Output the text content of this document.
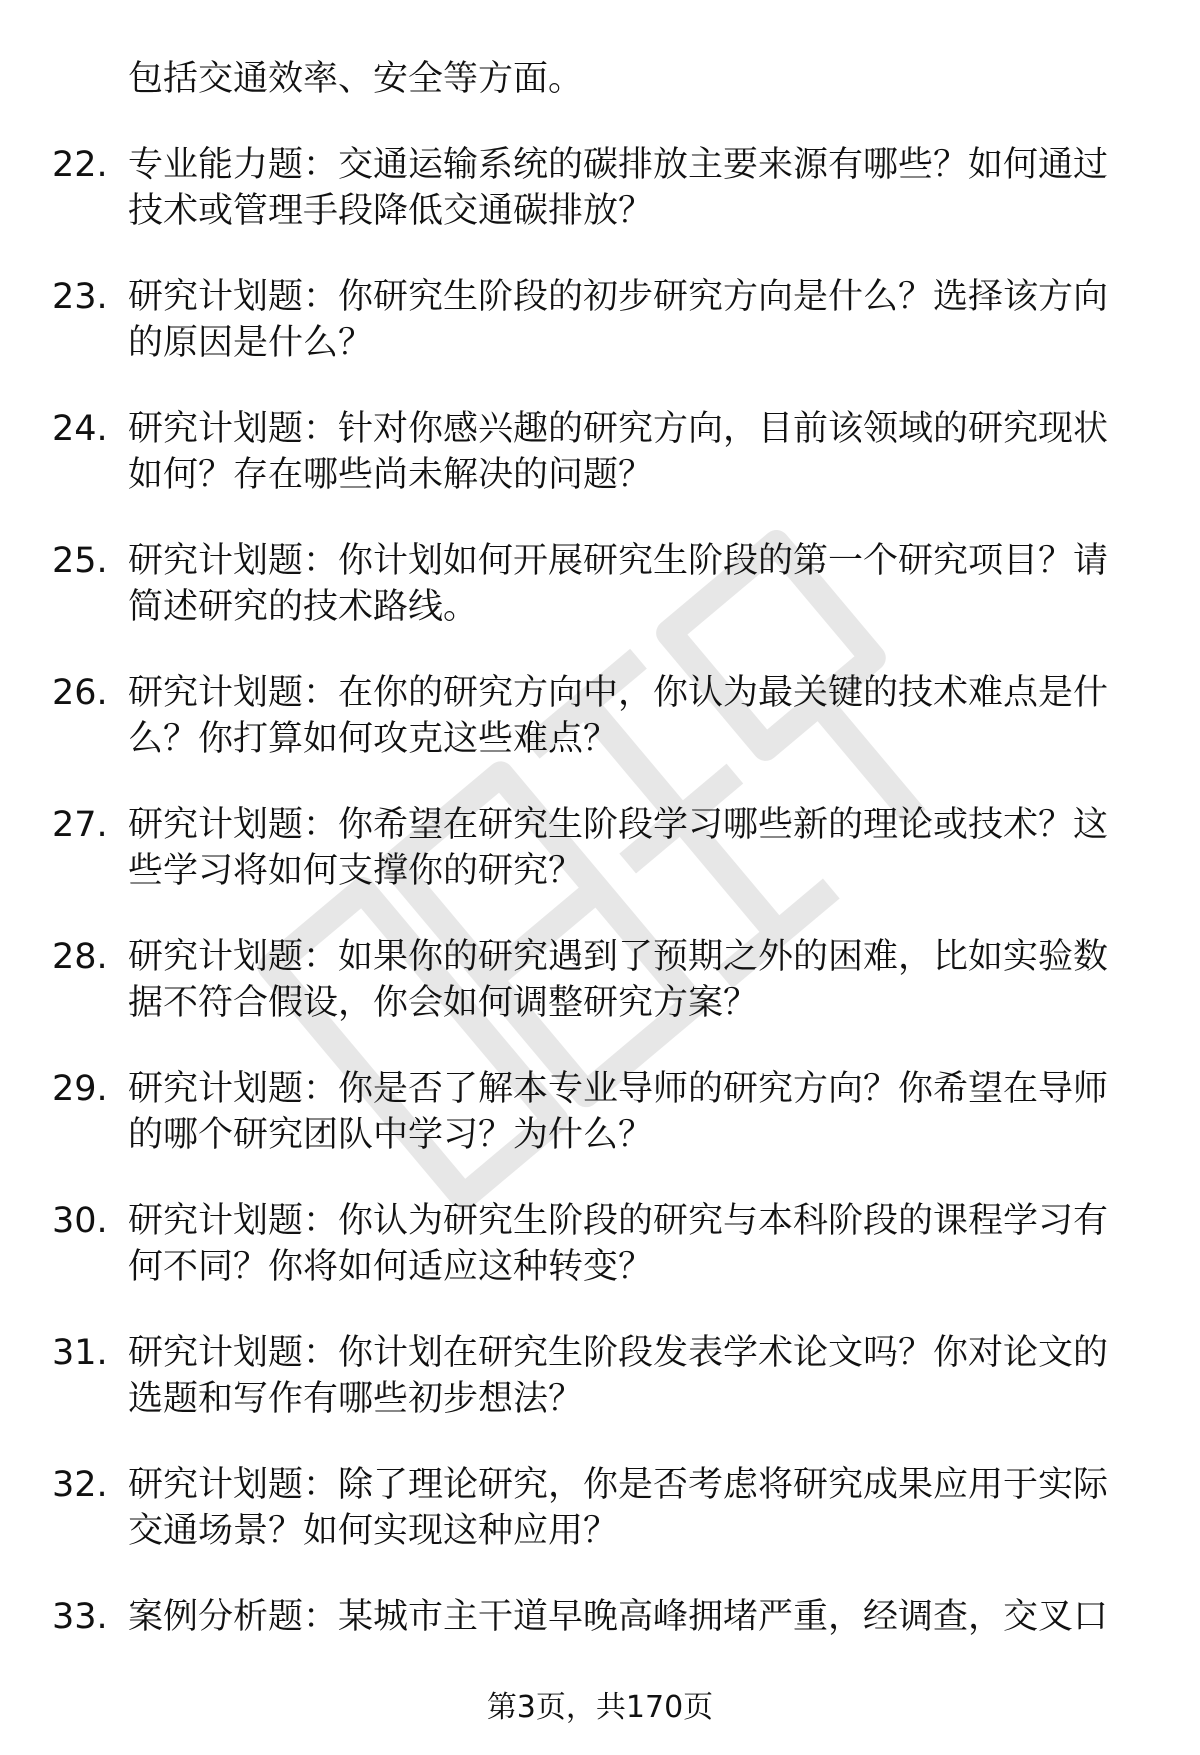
包括交通效率、安全等方面。
22. 专业能力题：交通运输系统的碳排放主要来源有哪些？如何通过
技术或管理手段降低交通碳排放？
23. 研究计划题：你研究生阶段的初步研究方向是什么？选择该方向
的原因是什么？
24. 研究计划题：针对你感兴趣的研究方向，目前该领域的研究现状
如何？存在哪些尚未解决的问题？
25. 研究计划题：你计划如何开展研究生阶段的第一个研究项目？请
简述研究的技术路线。
26. 研究计划题：在你的研究方向中，你认为最关键的技术难点是什
么？你打算如何攻克这些难点？
27. 研究计划题：你希望在研究生阶段学习哪些新的理论或技术？这
些学习将如何支撑你的研究？
28. 研究计划题：如果你的研究遇到了预期之外的困难，比如实验数
据不符合假设，你会如何调整研究方案？
29. 研究计划题：你是否了解本专业导师的研究方向？你希望在导师
的哪个研究团队中学习？为什么？
30. 研究计划题：你认为研究生阶段的研究与本科阶段的课程学习有
何不同？你将如何适应这种转变？
31. 研究计划题：你计划在研究生阶段发表学术论文吗？你对论文的
选题和写作有哪些初步想法？
32. 研究计划题：除了理论研究，你是否考虑将研究成果应用于实际
交通场景？如何实现这种应用？
33. 案例分析题：某城市主干道早晚高峰拥堵严重，经调查，交叉口
第3页，共170页
